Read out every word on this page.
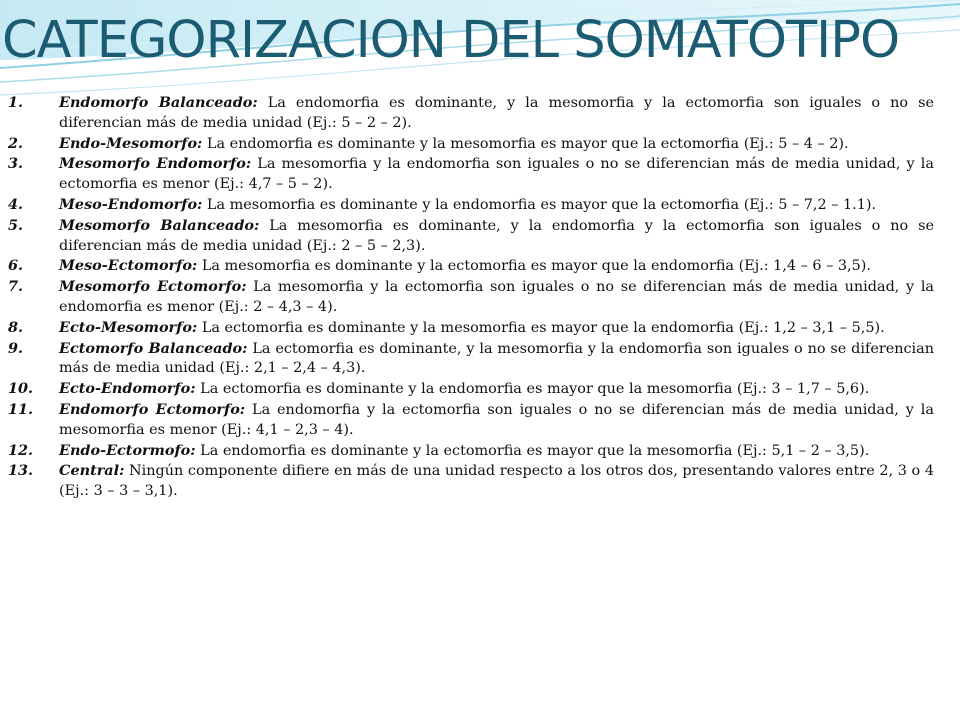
CATEGORIZACION DEL SOMATOTIPO
1. Endomorfo Balanceado: La endomorfia es dominante, y la mesomorfia y la ectomorfia son iguales o no se diferencian más de media unidad (Ej.: 5 – 2 – 2).
2. Endo-Mesomorfo: La endomorfia es dominante y la mesomorfia es mayor que la ectomorfia (Ej.: 5 – 4 – 2).
3. Mesomorfo Endomorfo: La mesomorfia y la endomorfia son iguales o no se diferencian más de media unidad, y la ectomorfia es menor (Ej.: 4,7 – 5 – 2).
4. Meso-Endomorfo: La mesomorfia es dominante y la endomorfia es mayor que la ectomorfia (Ej.: 5 – 7,2 – 1.1).
5. Mesomorfo Balanceado: La mesomorfia es dominante, y la endomorfia y la ectomorfia son iguales o no se diferencian más de media unidad (Ej.: 2 – 5 – 2,3).
6. Meso-Ectomorfo: La mesomorfia es dominante y la ectomorfia es mayor que la endomorfia (Ej.: 1,4 – 6 – 3,5).
7. Mesomorfo Ectomorfo: La mesomorfia y la ectomorfia son iguales o no se diferencian más de media unidad, y la endomorfia es menor (Ej.: 2 – 4,3 – 4).
8. Ecto-Mesomorfo: La ectomorfia es dominante y la mesomorfia es mayor que la endomorfia (Ej.: 1,2 – 3,1 – 5,5).
9. Ectomorfo Balanceado: La ectomorfia es dominante, y la mesomorfia y la endomorfia son iguales o no se diferencian más de media unidad (Ej.: 2,1 – 2,4 – 4,3).
10. Ecto-Endomorfo: La ectomorfia es dominante y la endomorfia es mayor que la mesomorfia (Ej.: 3 – 1,7 – 5,6).
11. Endomorfo Ectomorfo: La endomorfia y la ectomorfia son iguales o no se diferencian más de media unidad, y la mesomorfia es menor (Ej.: 4,1 – 2,3 – 4).
12. Endo-Ectormofo: La endomorfia es dominante y la ectomorfia es mayor que la mesomorfia (Ej.: 5,1 – 2 – 3,5).
13. Central: Ningún componente difiere en más de una unidad respecto a los otros dos, presentando valores entre 2, 3 o 4 (Ej.: 3 – 3 – 3,1).
